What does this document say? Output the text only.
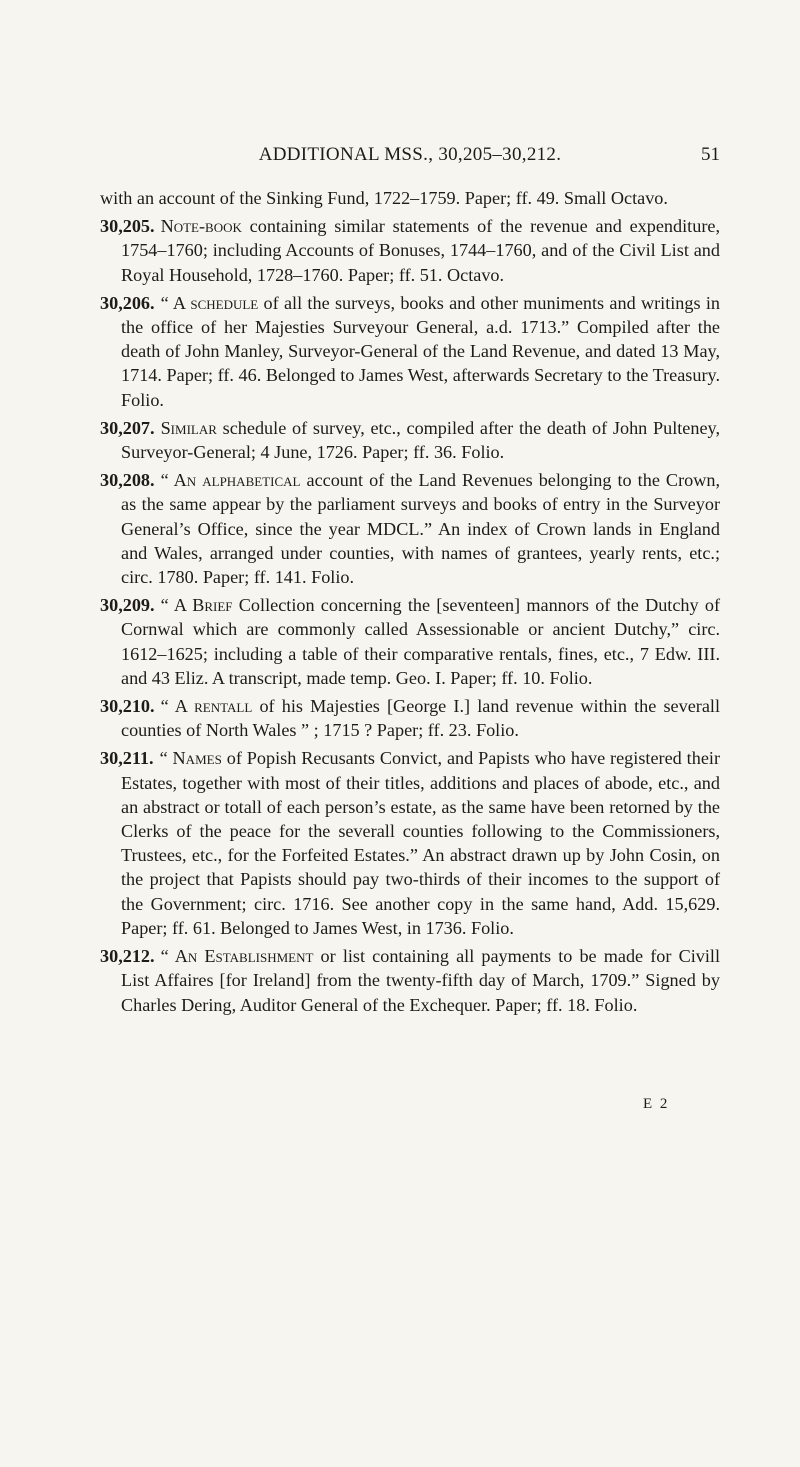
ADDITIONAL MSS., 30,205–30,212.	51

with an account of the Sinking Fund, 1722–1759. Paper; ff. 49. Small Octavo.

30,205. Note-book containing similar statements of the revenue and expenditure, 1754–1760; including Accounts of Bonuses, 1744–1760, and of the Civil List and Royal Household, 1728–1760. Paper; ff. 51. Octavo.

30,206. “ A schedule of all the surveys, books and other muniments and writings in the office of her Majesties Surveyour General, a.d. 1713.” Compiled after the death of John Manley, Surveyor-General of the Land Revenue, and dated 13 May, 1714. Paper; ff. 46. Belonged to James West, afterwards Secretary to the Treasury. Folio.

30,207. Similar schedule of survey, etc., compiled after the death of John Pulteney, Surveyor-General; 4 June, 1726. Paper; ff. 36. Folio.

30,208. “ An alphabetical account of the Land Revenues belonging to the Crown, as the same appear by the parliament surveys and books of entry in the Surveyor General’s Office, since the year MDCL.” An index of Crown lands in England and Wales, arranged under counties, with names of grantees, yearly rents, etc.; circ. 1780. Paper; ff. 141. Folio.

30,209. “ A Brief Collection concerning the [seventeen] mannors of the Dutchy of Cornwal which are commonly called Assessionable or ancient Dutchy,” circ. 1612–1625; including a table of their comparative rentals, fines, etc., 7 Edw. III. and 43 Eliz. A transcript, made temp. Geo. I. Paper; ff. 10. Folio.

30,210. “ A rentall of his Majesties [George I.] land revenue within the severall counties of North Wales ” ; 1715 ? Paper; ff. 23. Folio.

30,211. “ Names of Popish Recusants Convict, and Papists who have registered their Estates, together with most of their titles, additions and places of abode, etc., and an abstract or totall of each person’s estate, as the same have been retorned by the Clerks of the peace for the severall counties following to the Commissioners, Trustees, etc., for the Forfeited Estates.” An abstract drawn up by John Cosin, on the project that Papists should pay two-thirds of their incomes to the support of the Government; circ. 1716. See another copy in the same hand, Add. 15,629. Paper; ff. 61. Belonged to James West, in 1736. Folio.

30,212. “ An Establishment or list containing all payments to be made for Civill List Affaires [for Ireland] from the twenty-fifth day of March, 1709.” Signed by Charles Dering, Auditor General of the Exchequer. Paper; ff. 18. Folio.

E 2
